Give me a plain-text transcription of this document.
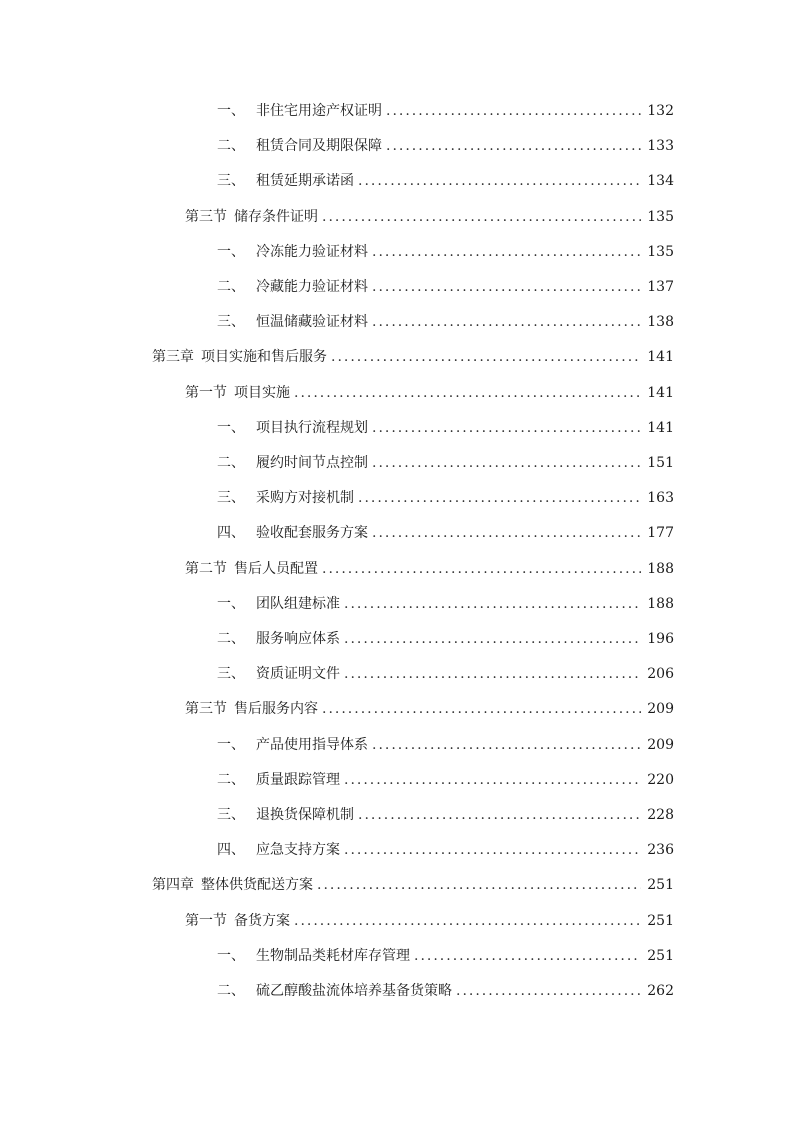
一、 非住宅用途产权证明 .....	132
二、 租赁合同及期限保障 .....	133
三、 租赁延期承诺函 .....	134
第三节 储存条件证明 .....	135
一、 冷冻能力验证材料 .....	135
二、 冷藏能力验证材料 .....	137
三、 恒温储藏验证材料 .....	138
第三章 项目实施和售后服务 .....	141
第一节 项目实施 .....	141
一、 项目执行流程规划 .....	141
二、 履约时间节点控制 .....	151
三、 采购方对接机制 .....	163
四、 验收配套服务方案 .....	177
第二节 售后人员配置 .....	188
一、 团队组建标准 .....	188
二、 服务响应体系 .....	196
三、 资质证明文件 .....	206
第三节 售后服务内容 .....	209
一、 产品使用指导体系 .....	209
二、 质量跟踪管理 .....	220
三、 退换货保障机制 .....	228
四、 应急支持方案 .....	236
第四章 整体供货配送方案 .....	251
第一节 备货方案 .....	251
一、 生物制品类耗材库存管理 .....	251
二、 硫乙醇酸盐流体培养基备货策略 .....	262
